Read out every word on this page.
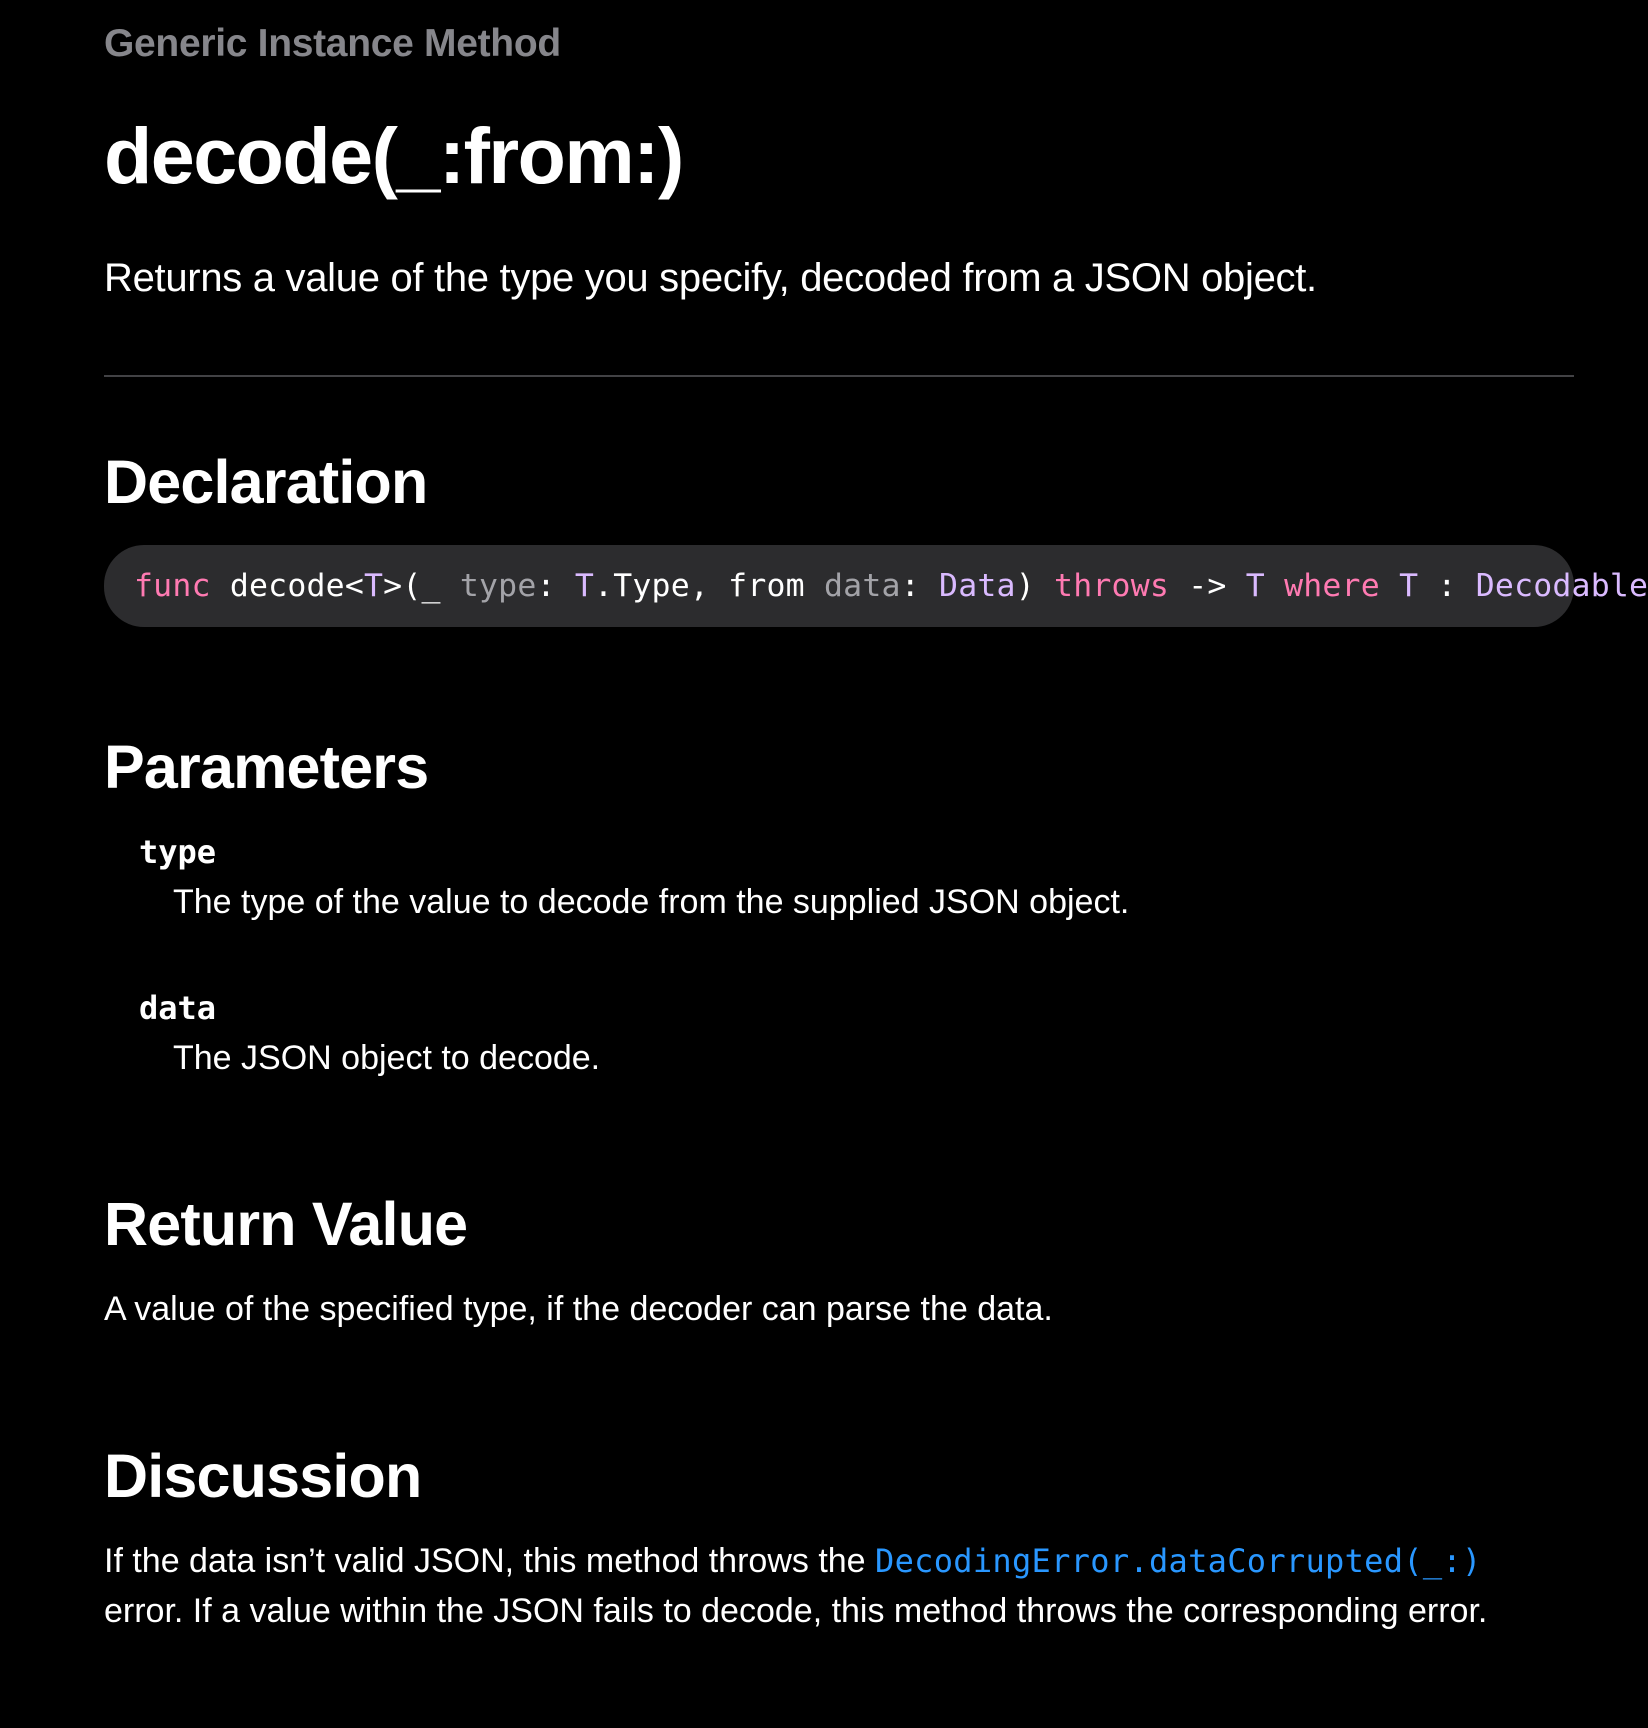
Generic Instance Method
decode(_:from:)
Returns a value of the type you specify, decoded from a JSON object.
Declaration
func decode< T >(_ type : T .Type, from data : Data ) throws -> T
where
T : Decodable
Parameters
type
The type of the value to decode from the supplied JSON object.
data
The JSON object to decode.
Return Value
A value of the specified type, if the decoder can parse the data.
Discussion
If the data isn’t valid JSON, this method throws the DecodingError.dataCorrupted(_:)
error. If a value within the JSON fails to decode, this method throws the corresponding error.
